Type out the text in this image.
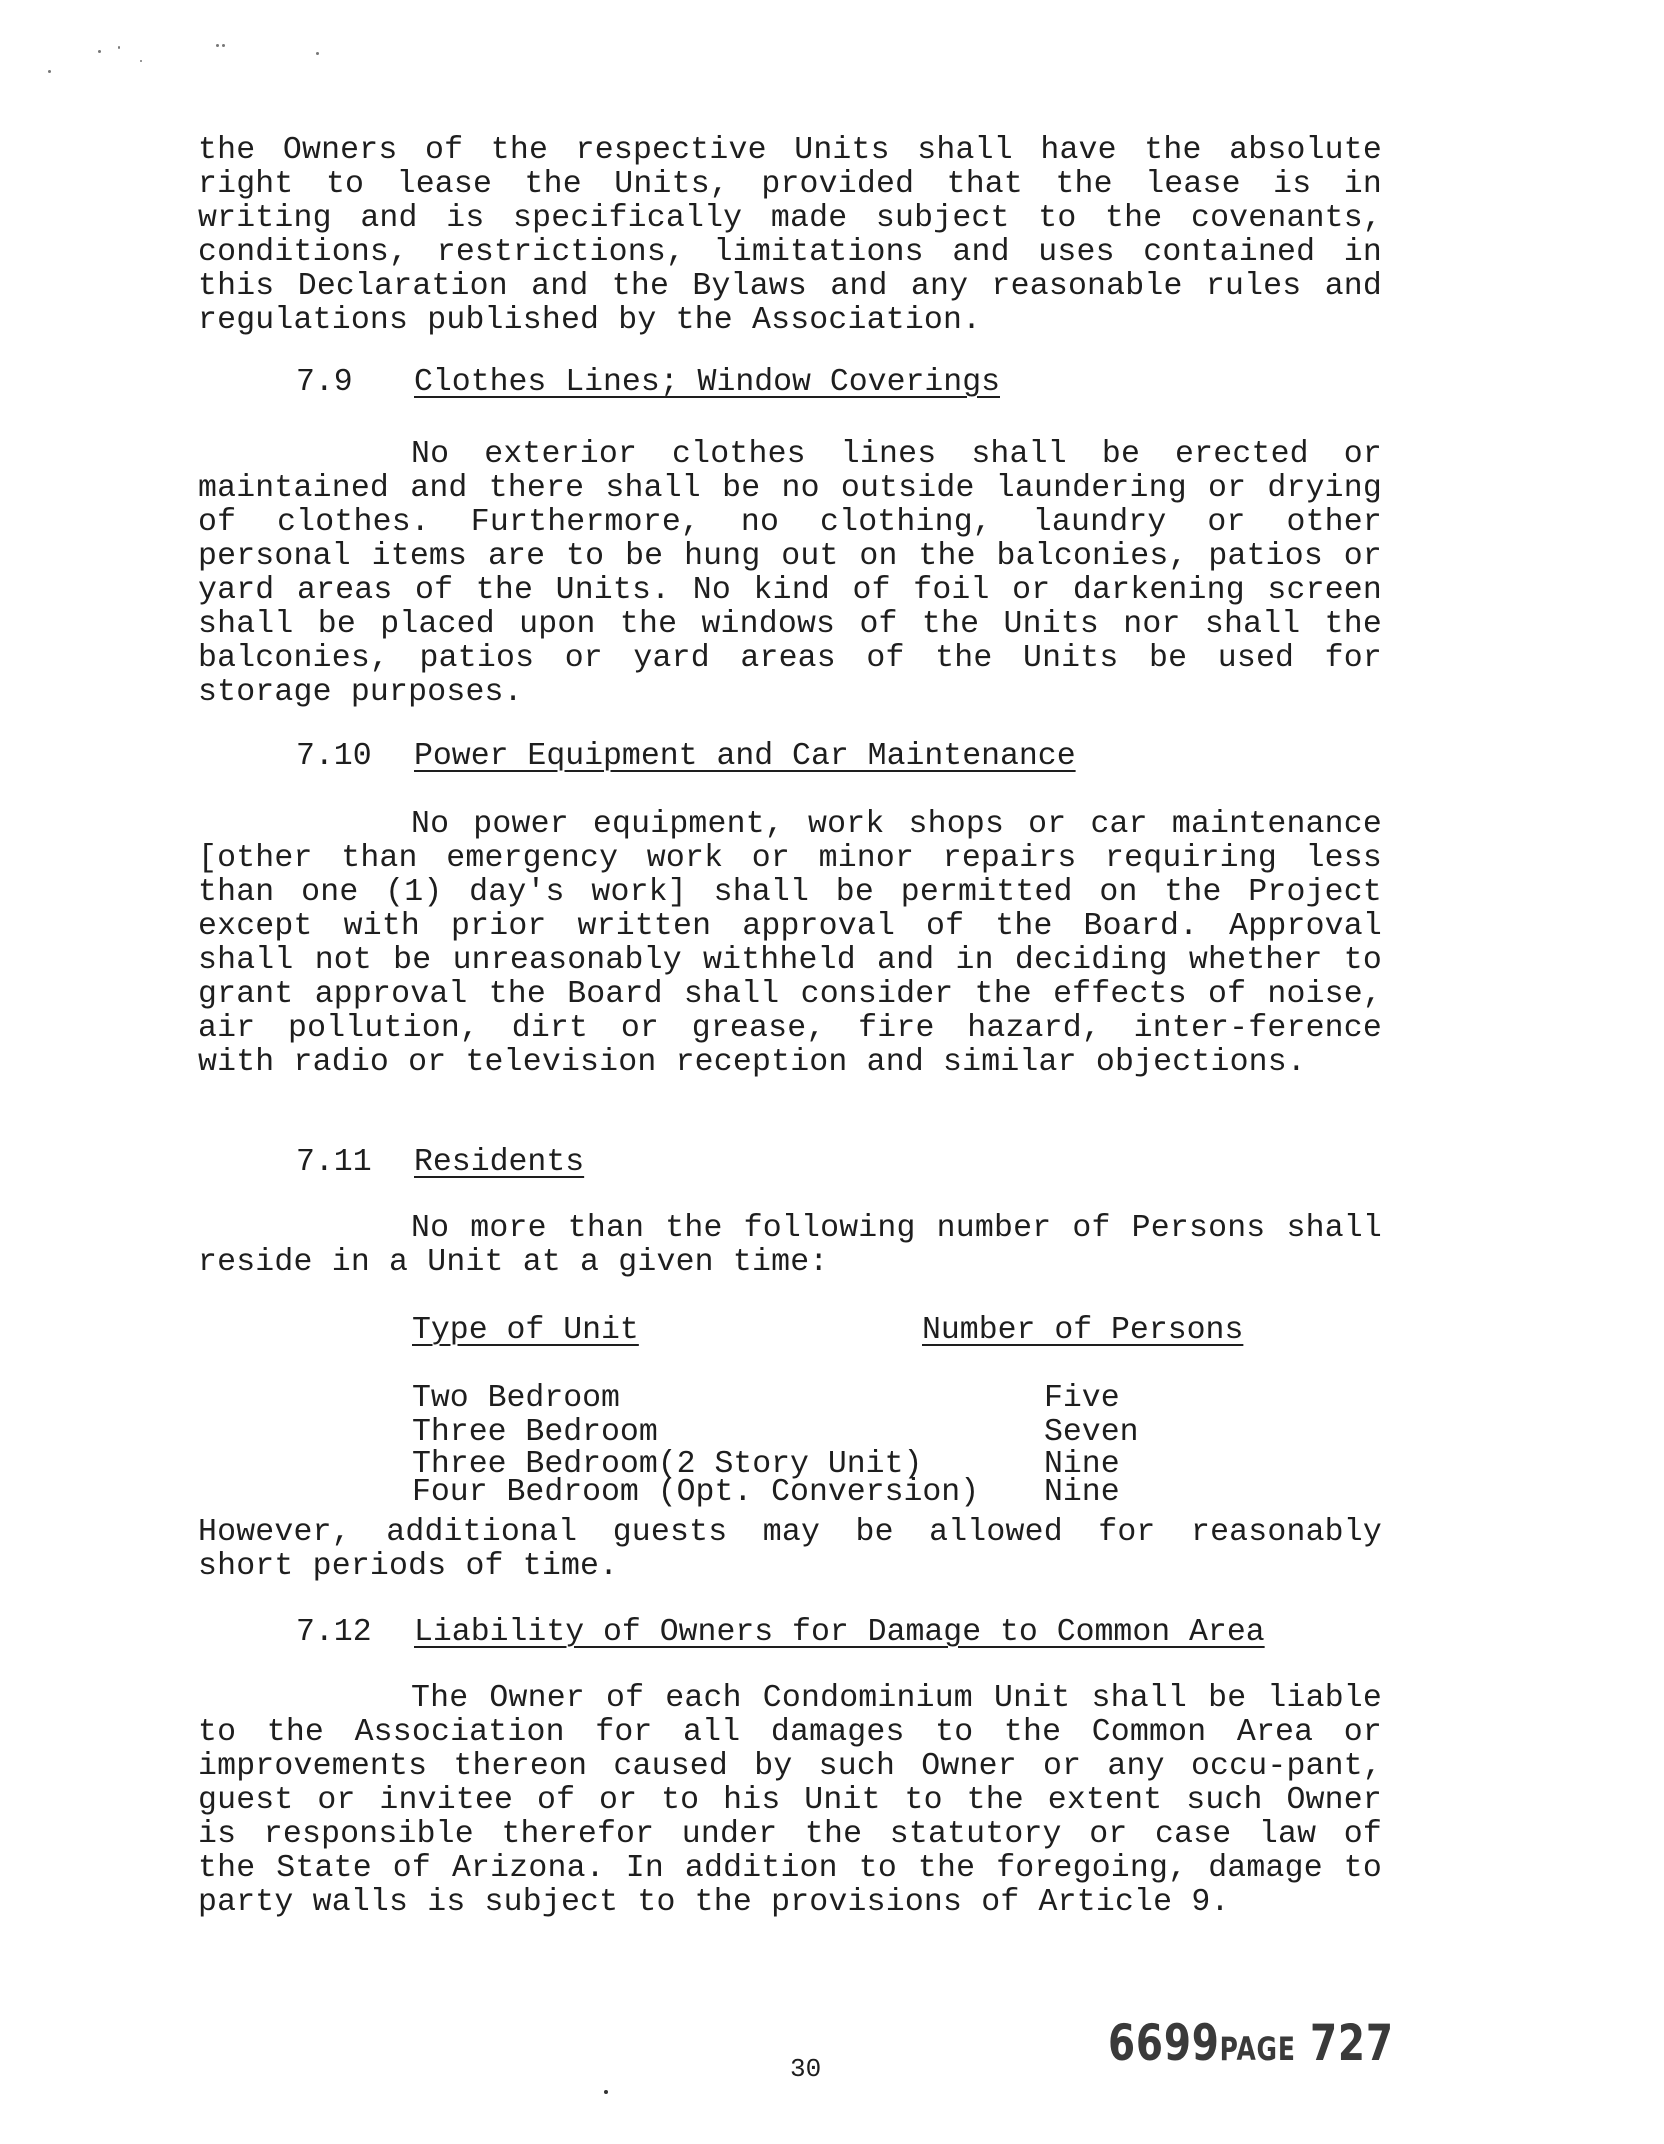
the Owners of the respective Units shall have the absolute right to lease the Units, provided that the lease is in writing and is specifically made subject to the covenants, conditions, restrictions, limitations and uses contained in this Declaration and the Bylaws and any reasonable rules and regulations published by the Association.

7.9 Clothes Lines; Window Coverings

No exterior clothes lines shall be erected or maintained and there shall be no outside laundering or drying of clothes. Furthermore, no clothing, laundry or other personal items are to be hung out on the balconies, patios or yard areas of the Units. No kind of foil or darkening screen shall be placed upon the windows of the Units nor shall the balconies, patios or yard areas of the Units be used for storage purposes.

7.10 Power Equipment and Car Maintenance

No power equipment, work shops or car maintenance [other than emergency work or minor repairs requiring less than one (1) day's work] shall be permitted on the Project except with prior written approval of the Board. Approval shall not be unreasonably withheld and in deciding whether to grant approval the Board shall consider the effects of noise, air pollution, dirt or grease, fire hazard, inter-ference with radio or television reception and similar objections.

7.11 Residents

No more than the following number of Persons shall reside in a Unit at a given time:

Type of Unit	Number of Persons
Two Bedroom	Five
Three Bedroom	Seven
Three Bedroom(2 Story Unit)	Nine
Four Bedroom (Opt. Conversion) Nine

However, additional guests may be allowed for reasonably short periods of time.

7.12 Liability of Owners for Damage to Common Area

The Owner of each Condominium Unit shall be liable to the Association for all damages to the Common Area or improvements thereon caused by such Owner or any occu-pant, guest or invitee of or to his Unit to the extent such Owner is responsible therefor under the statutory or case law of the State of Arizona. In addition to the foregoing, damage to party walls is subject to the provisions of Article 9.

30	6699PAGE 727
